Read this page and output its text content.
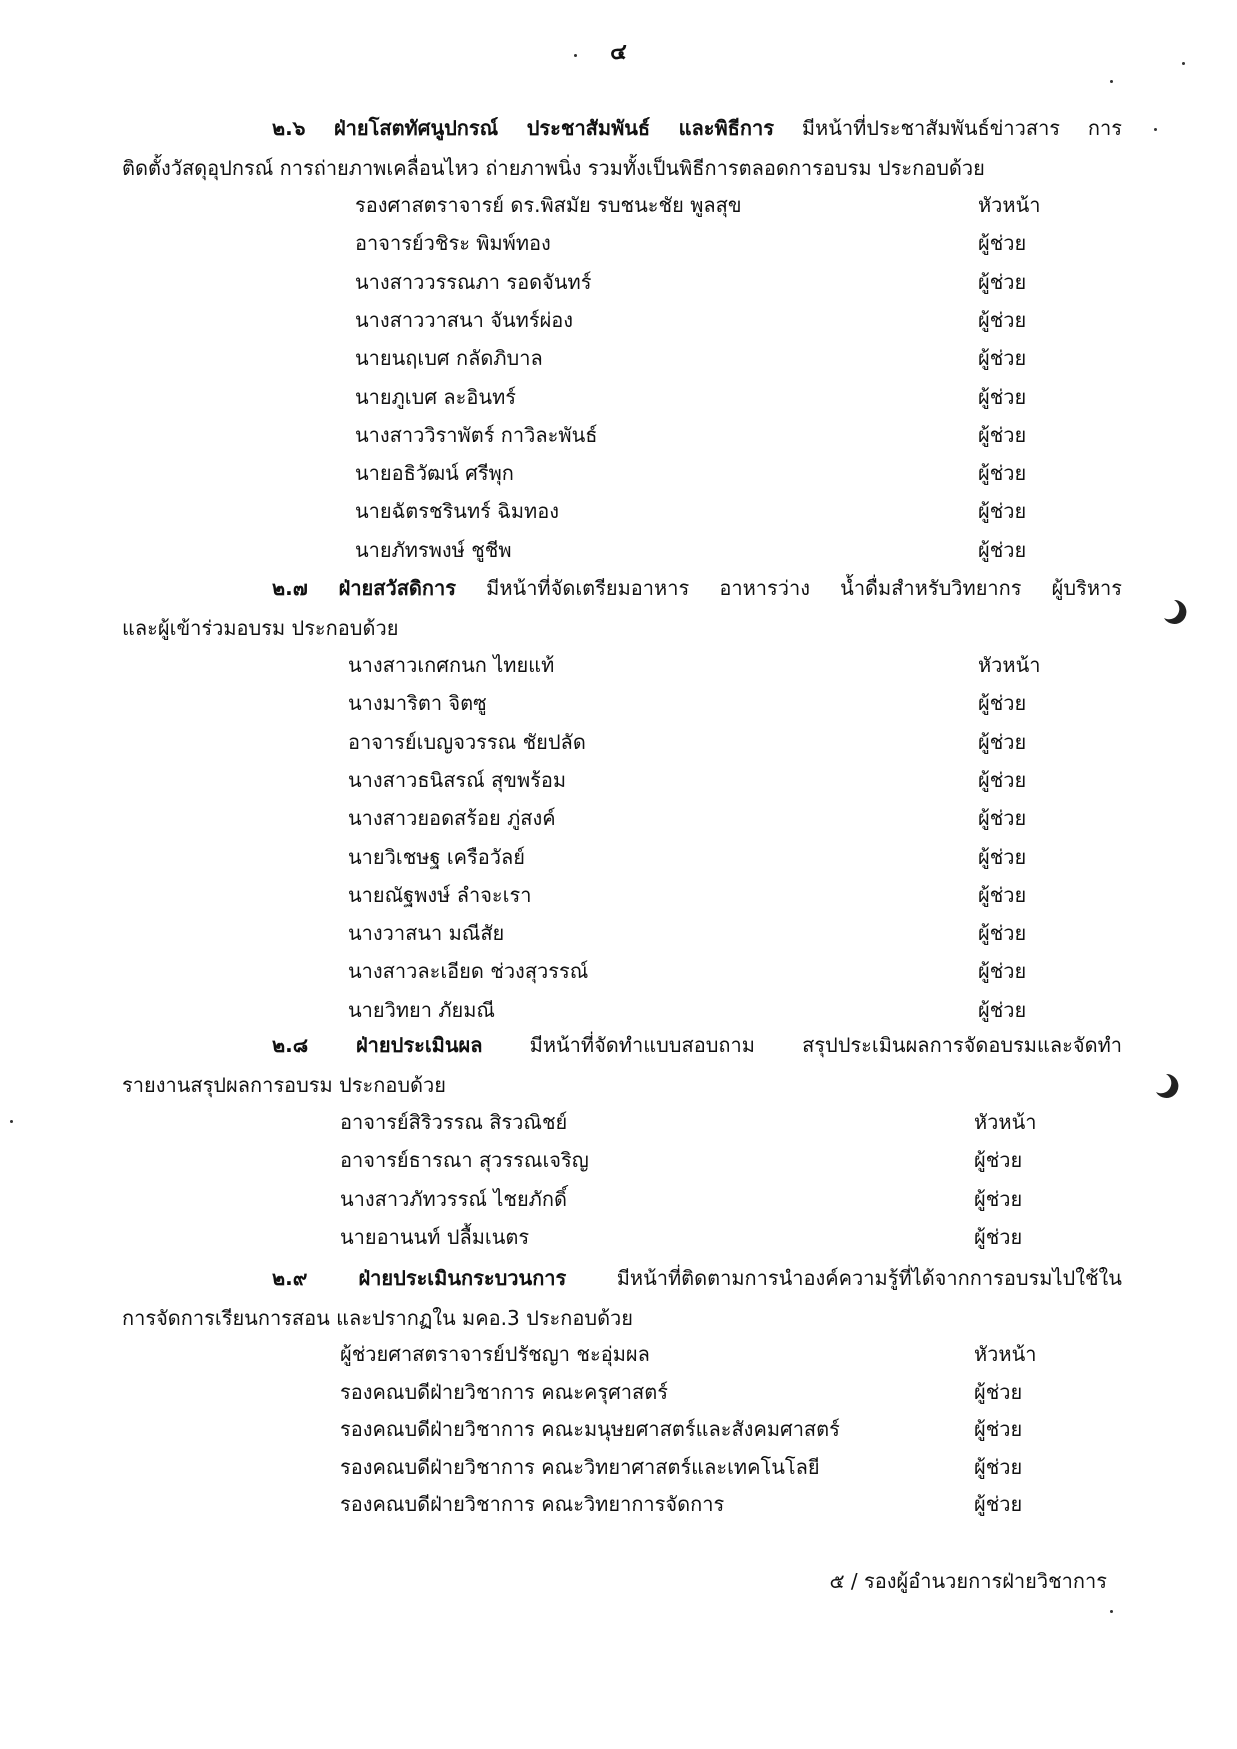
๔
๒.๖ ฝ่ายโสตทัศนูปกรณ์ ประชาสัมพันธ์ และพิธีการ มีหน้าที่ประชาสัมพันธ์ข่าวสาร การ
ติดตั้งวัสดุอุปกรณ์ การถ่ายภาพเคลื่อนไหว ถ่ายภาพนิ่ง รวมทั้งเป็นพิธีการตลอดการอบรม ประกอบด้วย
รองศาสตราจารย์ ดร.พิสมัย รบชนะชัย พูลสุข	หัวหน้า
อาจารย์วชิระ พิมพ์ทอง	ผู้ช่วย
นางสาววรรณภา รอดจันทร์	ผู้ช่วย
นางสาววาสนา จันทร์ผ่อง	ผู้ช่วย
นายนฤเบศ กลัดภิบาล	ผู้ช่วย
นายภูเบศ ละอินทร์	ผู้ช่วย
นางสาววิราพัตร์ กาวิละพันธ์	ผู้ช่วย
นายอธิวัฒน์ ศรีพุก	ผู้ช่วย
นายฉัตรชรินทร์ ฉิมทอง	ผู้ช่วย
นายภัทรพงษ์ ชูชีพ	ผู้ช่วย
๒.๗ ฝ่ายสวัสดิการ มีหน้าที่จัดเตรียมอาหาร อาหารว่าง น้ำดื่มสำหรับวิทยากร ผู้บริหาร
และผู้เข้าร่วมอบรม ประกอบด้วย
นางสาวเกศกนก ไทยแท้	หัวหน้า
นางมาริตา จิตซู	ผู้ช่วย
อาจารย์เบญจวรรณ ชัยปลัด	ผู้ช่วย
นางสาวธนิสรณ์ สุขพร้อม	ผู้ช่วย
นางสาวยอดสร้อย ภู่สงค์	ผู้ช่วย
นายวิเชษฐ เครือวัลย์	ผู้ช่วย
นายณัฐพงษ์ ลำจะเรา	ผู้ช่วย
นางวาสนา มณีสัย	ผู้ช่วย
นางสาวละเอียด ช่วงสุวรรณ์	ผู้ช่วย
นายวิทยา ภัยมณี	ผู้ช่วย
๒.๘ ฝ่ายประเมินผล มีหน้าที่จัดทำแบบสอบถาม สรุปประเมินผลการจัดอบรมและจัดทำ
รายงานสรุปผลการอบรม ประกอบด้วย
อาจารย์สิริวรรณ สิรวณิชย์	หัวหน้า
อาจารย์ธารณา สุวรรณเจริญ	ผู้ช่วย
นางสาวภัทวรรณ์ ไชยภักดิ์	ผู้ช่วย
นายอานนท์ ปลื้มเนตร	ผู้ช่วย
๒.๙ ฝ่ายประเมินกระบวนการ มีหน้าที่ติดตามการนำองค์ความรู้ที่ได้จากการอบรมไปใช้ใน
การจัดการเรียนการสอน และปรากฏใน มคอ.3 ประกอบด้วย
ผู้ช่วยศาสตราจารย์ปรัชญา ชะอุ่มผล	หัวหน้า
รองคณบดีฝ่ายวิชาการ คณะครุศาสตร์	ผู้ช่วย
รองคณบดีฝ่ายวิชาการ คณะมนุษยศาสตร์และสังคมศาสตร์	ผู้ช่วย
รองคณบดีฝ่ายวิชาการ คณะวิทยาศาสตร์และเทคโนโลยี	ผู้ช่วย
รองคณบดีฝ่ายวิชาการ คณะวิทยาการจัดการ	ผู้ช่วย
๕ / รองผู้อำนวยการฝ่ายวิชาการ
